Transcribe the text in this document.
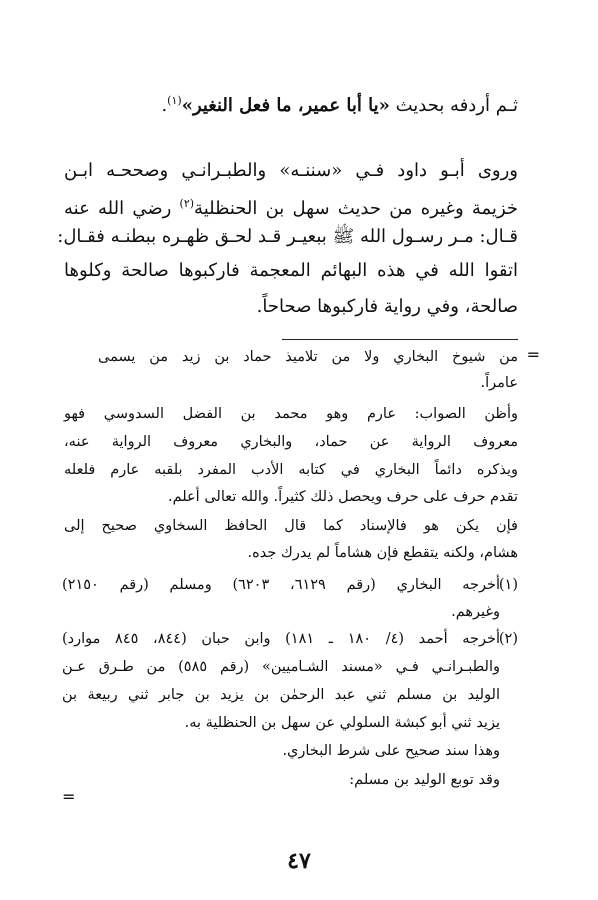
ثـم أردفه بحديث «يا أبا عمير، ما فعل النغير»$^{(١)}$.
وروى أبـو داود فـي «سننـه» والطبـرانـي وصححـه ابـن
خزيمة وغيره من حديث سهل بن الحنظلية$^{(٢)}$ رضي الله عنه
قـال: مـر رسـول الله ﷺ ببعيـر قـد لحـق ظهـره ببطنـه فقـال:
اتقوا الله في هذه البهائم المعجمة فاركبوها صالحة وكلوها
صالحة، وفي رواية فاركبوها صحاحاً.
=
من شيوخ البخاري ولا من تلاميذ حماد بن زيد من يسمى
عامراً.
وأظن الصواب: عارم وهو محمد بن الفضل السدوسي فهو
معروف الرواية عن حماد، والبخاري معروف الرواية عنه،
ويذكره دائماً البخاري في كتابه الأدب المفرد بلقبه عارم فلعله
تقدم حرف على حرف ويحصل ذلك كثيراً. والله تعالى أعلم.
فإن يكن هو فالإسناد كما قال الحافظ السخاوي صحيح إلى
هشام، ولكنه يتقطع فإن هشاماً لم يدرك جده.
(١)
أخرجه البخاري (رقم ٦١٢٩، ٦٢٠٣) ومسلم (رقم ٢١٥٠)
وغيرهم.
(٢)
أخرجه أحمد (٤/ ١٨٠ ـ ١٨١) وابن حبان (٨٤٤، ٨٤٥ موارد)
والطبـرانـي فـي «مسند الشـاميين» (رقم ٥٨٥) من طـرق عـن
الوليد بن مسلم ثني عبد الرحمٰن بن يزيد بن جابر ثني ربيعة بن
يزيد ثني أبو كبشة السلولي عن سهل بن الحنظلية به.
وهذا سند صحيح على شرط البخاري.
وقد توبع الوليد بن مسلم:
=
٤٧
